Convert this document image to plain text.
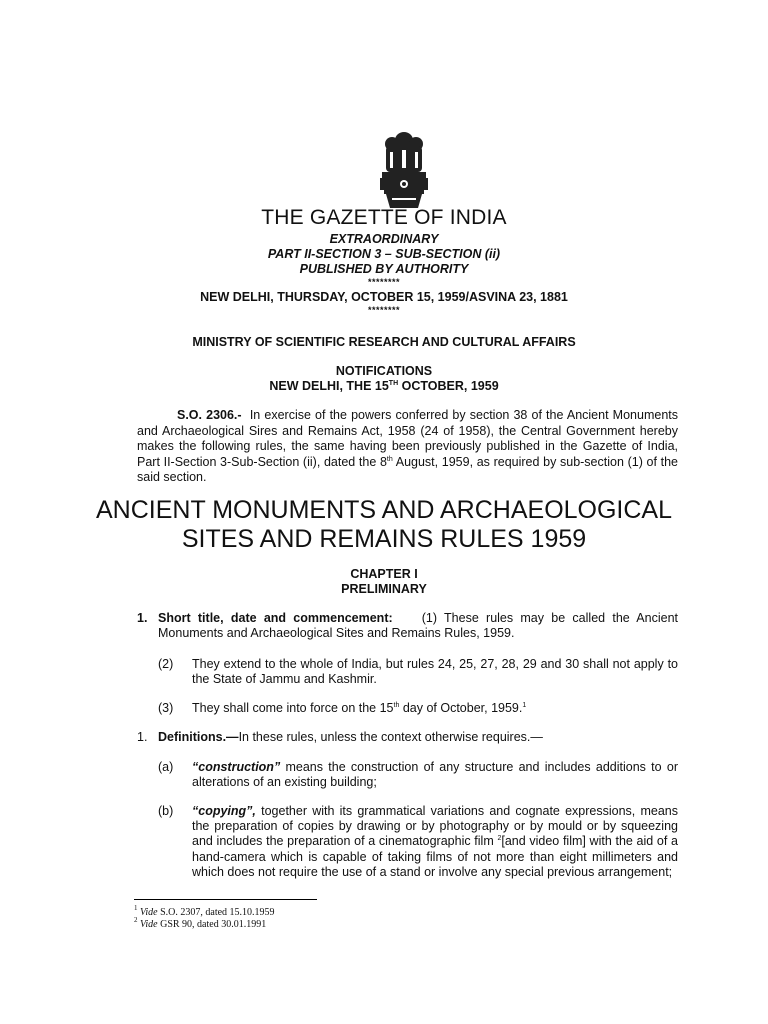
THE GAZETTE OF INDIA
EXTRAORDINARY
PART II-SECTION 3 – SUB-SECTION (ii)
PUBLISHED BY AUTHORITY
********
NEW DELHI, THURSDAY, OCTOBER 15, 1959/ASVINA 23, 1881
********
MINISTRY OF SCIENTIFIC RESEARCH AND CULTURAL AFFAIRS
NOTIFICATIONS
NEW DELHI, THE 15TH OCTOBER, 1959
S.O. 2306.- In exercise of the powers conferred by section 38 of the Ancient Monuments and Archaeological Sires and Remains Act, 1958 (24 of 1958), the Central Government hereby makes the following rules, the same having been previously published in the Gazette of India, Part II-Section 3-Sub-Section (ii), dated the 8th August, 1959, as required by sub-section (1) of the said section.
ANCIENT MONUMENTS AND ARCHAEOLOGICAL
SITES AND REMAINS RULES 1959
CHAPTER I
PRELIMINARY
1. Short title, date and commencement: (1) These rules may be called the Ancient Monuments and Archaeological Sites and Remains Rules, 1959.
(2) They extend to the whole of India, but rules 24, 25, 27, 28, 29 and 30 shall not apply to the State of Jammu and Kashmir.
(3) They shall come into force on the 15th day of October, 1959.$^1$
1. Definitions.—In these rules, unless the context otherwise requires.—
(a) “construction” means the construction of any structure and includes additions to or alterations of an existing building;
(b) “copying”, together with its grammatical variations and cognate expressions, means the preparation of copies by drawing or by photography or by mould or by squeezing and includes the preparation of a cinematographic film $^2$[and video film] with the aid of a hand-camera which is capable of taking films of not more than eight millimeters and which does not require the use of a stand or involve any special previous arrangement;
$^1$ Vide S.O. 2307, dated 15.10.1959
$^2$ Vide GSR 90, dated 30.01.1991
